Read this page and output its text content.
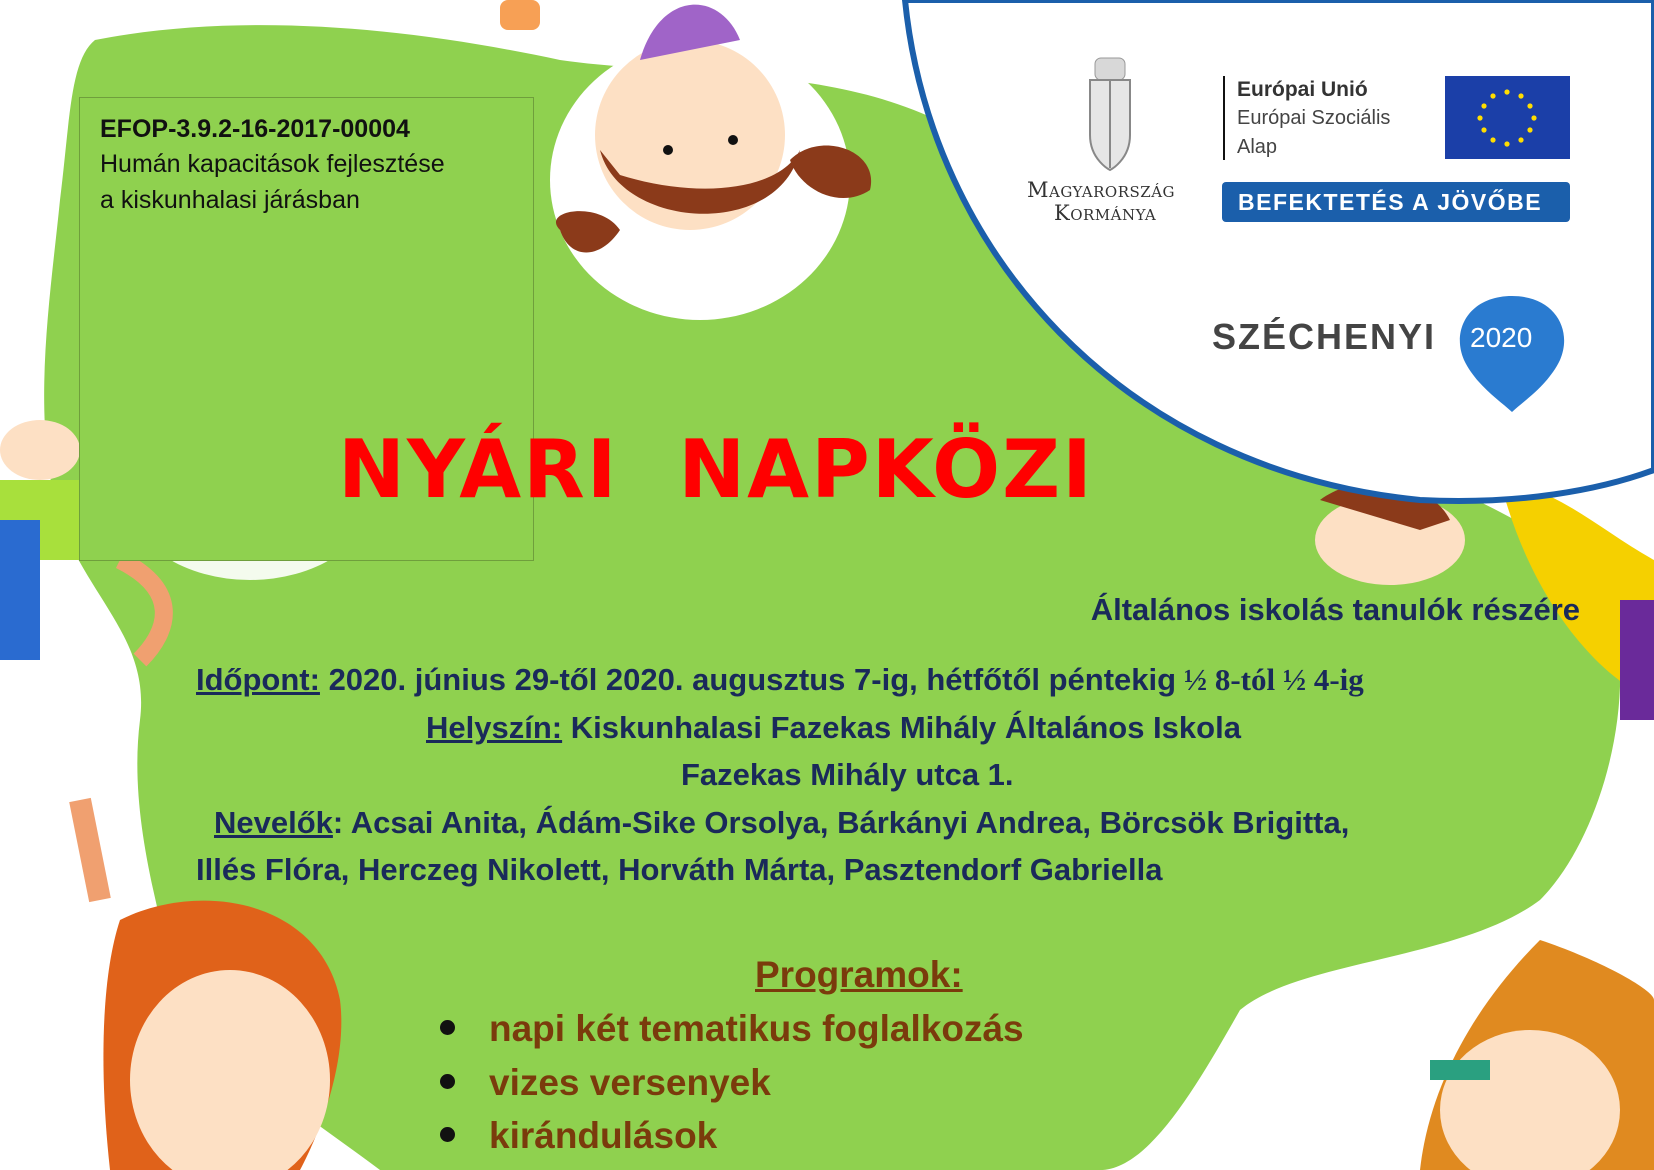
Magyarország
Kormánya
Európai Unió
Európai Szociális
Alap
BEFEKTETÉS A JÖVŐBE
SZÉCHENYI 2020
EFOP-3.9.2-16-2017-00004
Humán kapacitások fejlesztése
a kiskunhalasi járásban
NYÁRI  NAPKÖZI
Általános iskolás tanulók részére
Időpont: 2020. június 29-től 2020. augusztus 7-ig, hétfőtől péntekig ½ 8-tól ½ 4-ig
Helyszín: Kiskunhalasi Fazekas Mihály Általános Iskola
Fazekas Mihály utca 1.
Nevelők: Acsai Anita, Ádám-Sike Orsolya, Bárkányi Andrea, Börcsök Brigitta,
Illés Flóra, Herczeg Nikolett, Horváth Márta, Pasztendorf Gabriella
Programok:
napi két tematikus foglalkozás
vizes versenyek
kirándulások
